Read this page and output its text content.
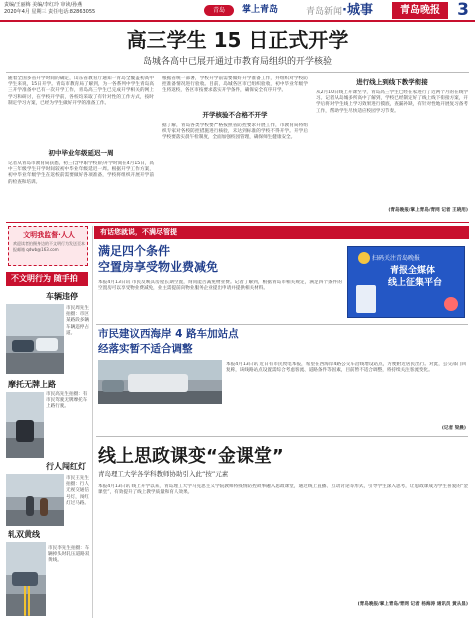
责编/王丽梅 美编/李红玲 审读/孙燕
2020年4月 星期三 责任电话:82863055	青岛	掌上青岛	青岛新闻·城事	青岛晚报	3
高三学生 15 日正式开学
岛城各高中已展开通过市教育局组织的开学核验
随着全国多省开学时间的确定，山东省教育厅通知一青岛全覆盖初高中学生来说，15日开学。青岛市教育局了解到，为一各系列中学生青岛高三开学准备中已有一次开学工作，青岛高三学生已完成开学相关的网上学习和研讨，在学校开学前，各校均采取了有针对性的工作方式，按时制定学习方案，已经为学生做好开学的准备工作。
初中毕业年级延迟一周
记者从青岛市教育局获悉，初三(含中职学校)的开学时间在4月15日，高中三年级学生开学时间较初中毕业年级延迟一周。根据开学工作方案，初中毕业年级学生在返校前需要做好各项准备，学校将组织开展开学前的检查和培训。
根据省统一部署，学校开学前需要做好开学准备工作，并组织对学校防控准备情况进行验收。目前，岛城各区市已组织验收，初中毕业年级学生将返校，各区市按要求落实开学条件，确保安全有序开学。
开学核验不合格不开学
据了解，青岛各类学校要严格按照省防控要求开展工作，市教育局将组织专家对各校防控措施进行核验，未达到标准的学校不得开学。开学后学校要落实晨午检制度，全面加强校园管理，确保师生健康安全。
进行线上到线下教学衔接
从2月10日线上开课至今，青岛高三学生已经在家进行了近两个月的在线学习。记者从岛城多所高中了解到，学校已经制定好了线上线下衔接方案，开学后将对学生线上学习效果进行摸底，查漏补缺，有针对性地开展复习备考工作，帮助学生尽快适应校园学习节奏。
(青岛晚报/掌上青岛/青网 记者 王晓用)
文明我监督·人人
欢迎读者拍摄身边的不文明行为发送至本报邮箱 qdwb@163.com
不文明行为 随手拍
车辆违停
市民周先生拍摄：市区某路段多辆车辆违停占道。
摩托无牌上路
市民高先生拍摄：有市民驾驶无牌摩托车上路行驶。
行人闯红灯
市民王先生拍摄：行人无视交通信号灯，闯红灯过马路。
轧双黄线
市民李先生拍摄：车辆掉头时轧压道路双黄线。
有话您就说，不满尽管提
满足四个条件
空置房享受物业费减免
本报4月13日讯 市民反映其房屋长期空置，询问能否减免物业费。记者了解到，根据青岛市相关规定，满足四个条件的空置房可以享受物业费减免，业主需提前向物业服务企业提出申请并提供相关材料。
扫码关注青岛晚报
青报全媒体
线上征集平台
市民建议西海岸 4 路车加站点
经落实暂不适合调整
本报4月13日讯 近日有市民致电本报，希望在西海岸4路公交车沿线增设站点，方便附近居民出行。对此，公交部门回复称，该线路站点设置需综合考虑客流、道路条件等因素，目前暂不适合调整，将持续关注客流变化。
(记者 梁晨)
线上思政课变“金课堂”
青岛理工大学各学科教师协助引入此“按”元素
本报4月13日讯 线上开学以来，青岛理工大学马克思主义学院教师将疫情防控故事融入思政课堂，通过线上直播、互动讨论等形式，引导学生深入思考，让思政课成为学生喜爱的“金课堂”，有效提升了线上教学质量和育人效果。
(青岛晚报/掌上青岛/青网 记者 杨海涛 通讯员 黄从显)
